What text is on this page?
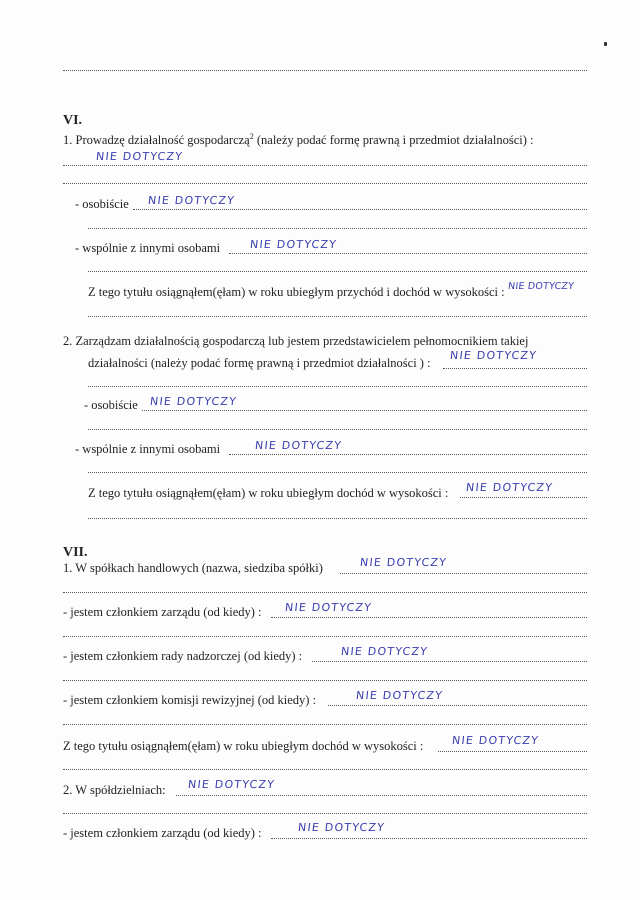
VI.
1. Prowadzę działalność gospodarczą$^2$ (należy podać formę prawną i przedmiot działalności) :
NIE DOTYCZY
- osobiście NIE DOTYCZY
- wspólnie z innymi osobami	NIE DOTYCZY
Z tego tytułu osiągnąłem(ęłam) w roku ubiegłym przychód i dochód w wysokości : NIE DOTYCZY
2. Zarządzam działalnością gospodarczą lub jestem przedstawicielem pełnomocnikiem takiej
działalności (należy podać formę prawną i przedmiot działalności ) :
NIE DOTYCZY
- osobiście NIE DOTYCZY
- wspólnie z innymi osobami	NIE DOTYCZY
Z tego tytułu osiągnąłem(ęłam) w roku ubiegłym dochód w wysokości : NIE DOTYCZY
VII.
1. W spółkach handlowych (nazwa, siedziba spółki)	NIE DOTYCZY
- jestem członkiem zarządu (od kiedy) : NIE DOTYCZY
- jestem członkiem rady nadzorczej (od kiedy) :	NIE DOTYCZY
- jestem członkiem komisji rewizyjnej (od kiedy) :	NIE DOTYCZY
Z tego tytułu osiągnąłem(ęłam) w roku ubiegłym dochód w wysokości :	NIE DOTYCZY
2. W spółdzielniach: NIE DOTYCZY
- jestem członkiem zarządu (od kiedy) :	NIE DOTYCZY
